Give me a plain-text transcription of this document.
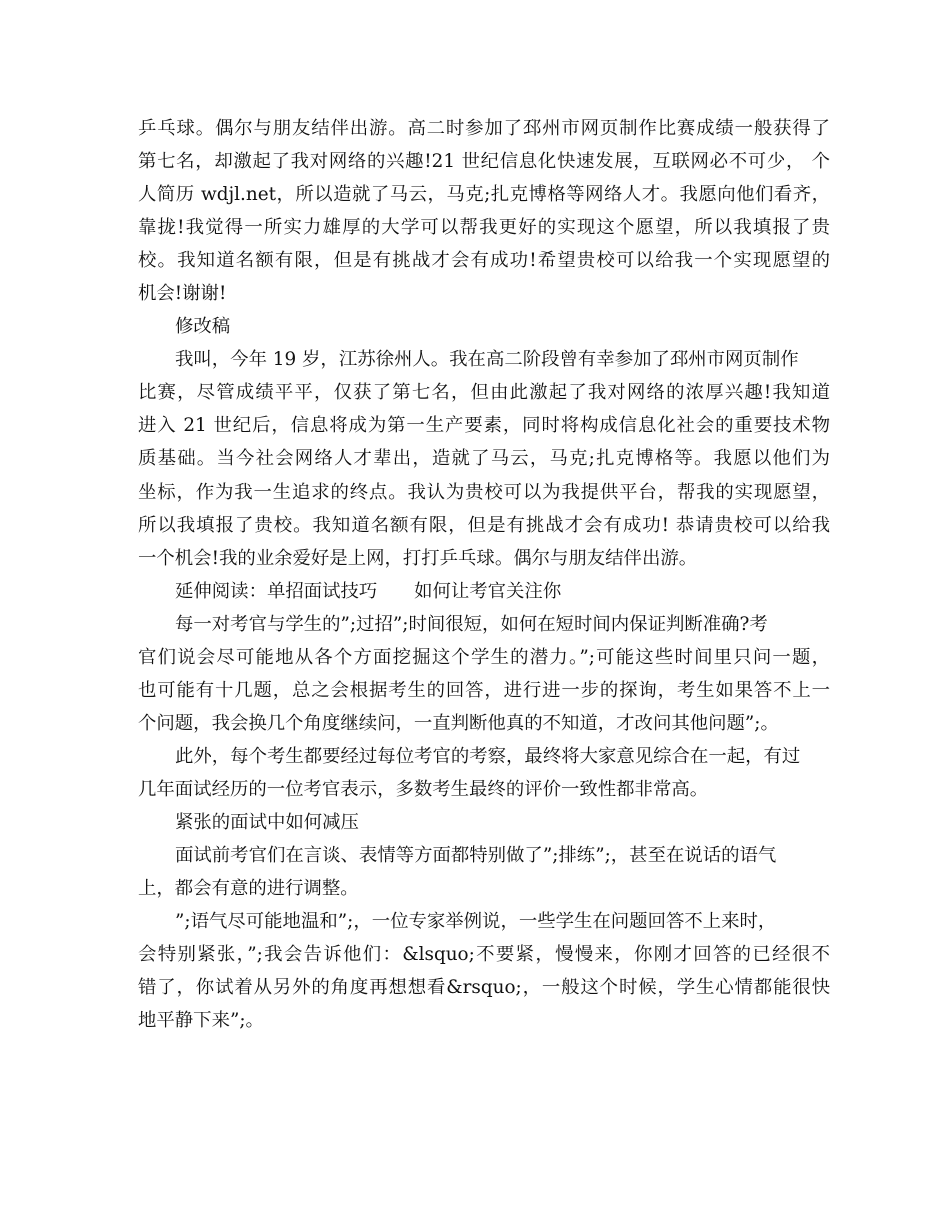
乒乓球。偶尔与朋友结伴出游。高二时参加了邳州市网页制作比赛成绩一般获得了
第七名，却激起了我对网络的兴趣!21 世纪信息化快速发展，互联网必不可少， 个
人简历 wdjl.net，所以造就了马云，马克;扎克博格等网络人才。我愿向他们看齐，
靠拢!我觉得一所实力雄厚的大学可以帮我更好的实现这个愿望，所以我填报了贵
校。我知道名额有限，但是有挑战才会有成功!希望贵校可以给我一个实现愿望的
机会!谢谢!
修改稿
我叫，今年 19 岁，江苏徐州人。我在高二阶段曾有幸参加了邳州市网页制作
比赛，尽管成绩平平，仅获了第七名，但由此激起了我对网络的浓厚兴趣!我知道
进入 21 世纪后，信息将成为第一生产要素，同时将构成信息化社会的重要技术物
质基础。当今社会网络人才辈出，造就了马云，马克;扎克博格等。我愿以他们为
坐标，作为我一生追求的终点。我认为贵校可以为我提供平台，帮我的实现愿望，
所以我填报了贵校。我知道名额有限，但是有挑战才会有成功! 恭请贵校可以给我
一个机会!我的业余爱好是上网，打打乒乓球。偶尔与朋友结伴出游。
延伸阅读：单招面试技巧　　如何让考官关注你
每一对考官与学生的”;过招”;时间很短，如何在短时间内保证判断准确?考
官们说会尽可能地从各个方面挖掘这个学生的潜力。”;可能这些时间里只问一题，
也可能有十几题，总之会根据考生的回答，进行进一步的探询，考生如果答不上一
个问题，我会换几个角度继续问，一直判断他真的不知道，才改问其他问题”;。
此外，每个考生都要经过每位考官的考察，最终将大家意见综合在一起，有过
几年面试经历的一位考官表示，多数考生最终的评价一致性都非常高。
紧张的面试中如何减压
面试前考官们在言谈、表情等方面都特别做了”;排练”;，甚至在说话的语气
上，都会有意的进行调整。
”;语气尽可能地温和”;，一位专家举例说，一些学生在问题回答不上来时，
会特别紧张，”;我会告诉他们：&lsquo;不要紧，慢慢来，你刚才回答的已经很不
错了，你试着从另外的角度再想想看&rsquo;，一般这个时候，学生心情都能很快
地平静下来”;。
